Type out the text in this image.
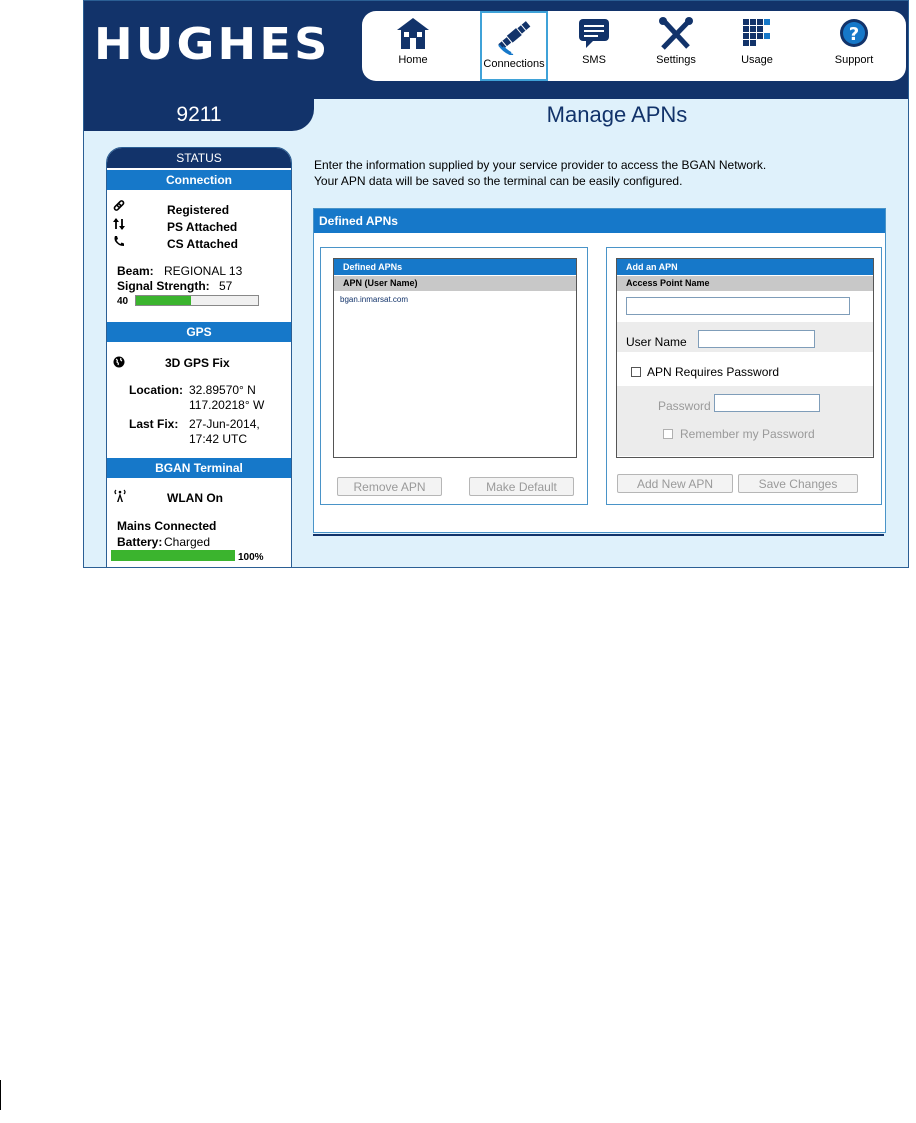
HUGHES	Home	Connections	SMS	Settings	Usage
?
Support
9211	Manage APNs
STATUS
Connection
Registered
PS Attached
CS Attached
Beam: REGIONAL 13
Signal Strength: 57
40
GPS
3D GPS Fix
Location: 32.89570° N
117.20218° W
Last Fix: 27-Jun-2014,
17:42 UTC
BGAN Terminal
WLAN On
Mains Connected
Battery: Charged
100%
Enter the information supplied by your service provider to access the BGAN Network.
Your APN data will be saved so the terminal can be easily configured.
Defined APNs
Defined APNs
APN (User Name)
bgan.inmarsat.com
Remove APN	Make Default
Add an APN
Access Point Name
User Name
APN Requires Password
Password
Remember my Password
Add New APN	Save Changes
